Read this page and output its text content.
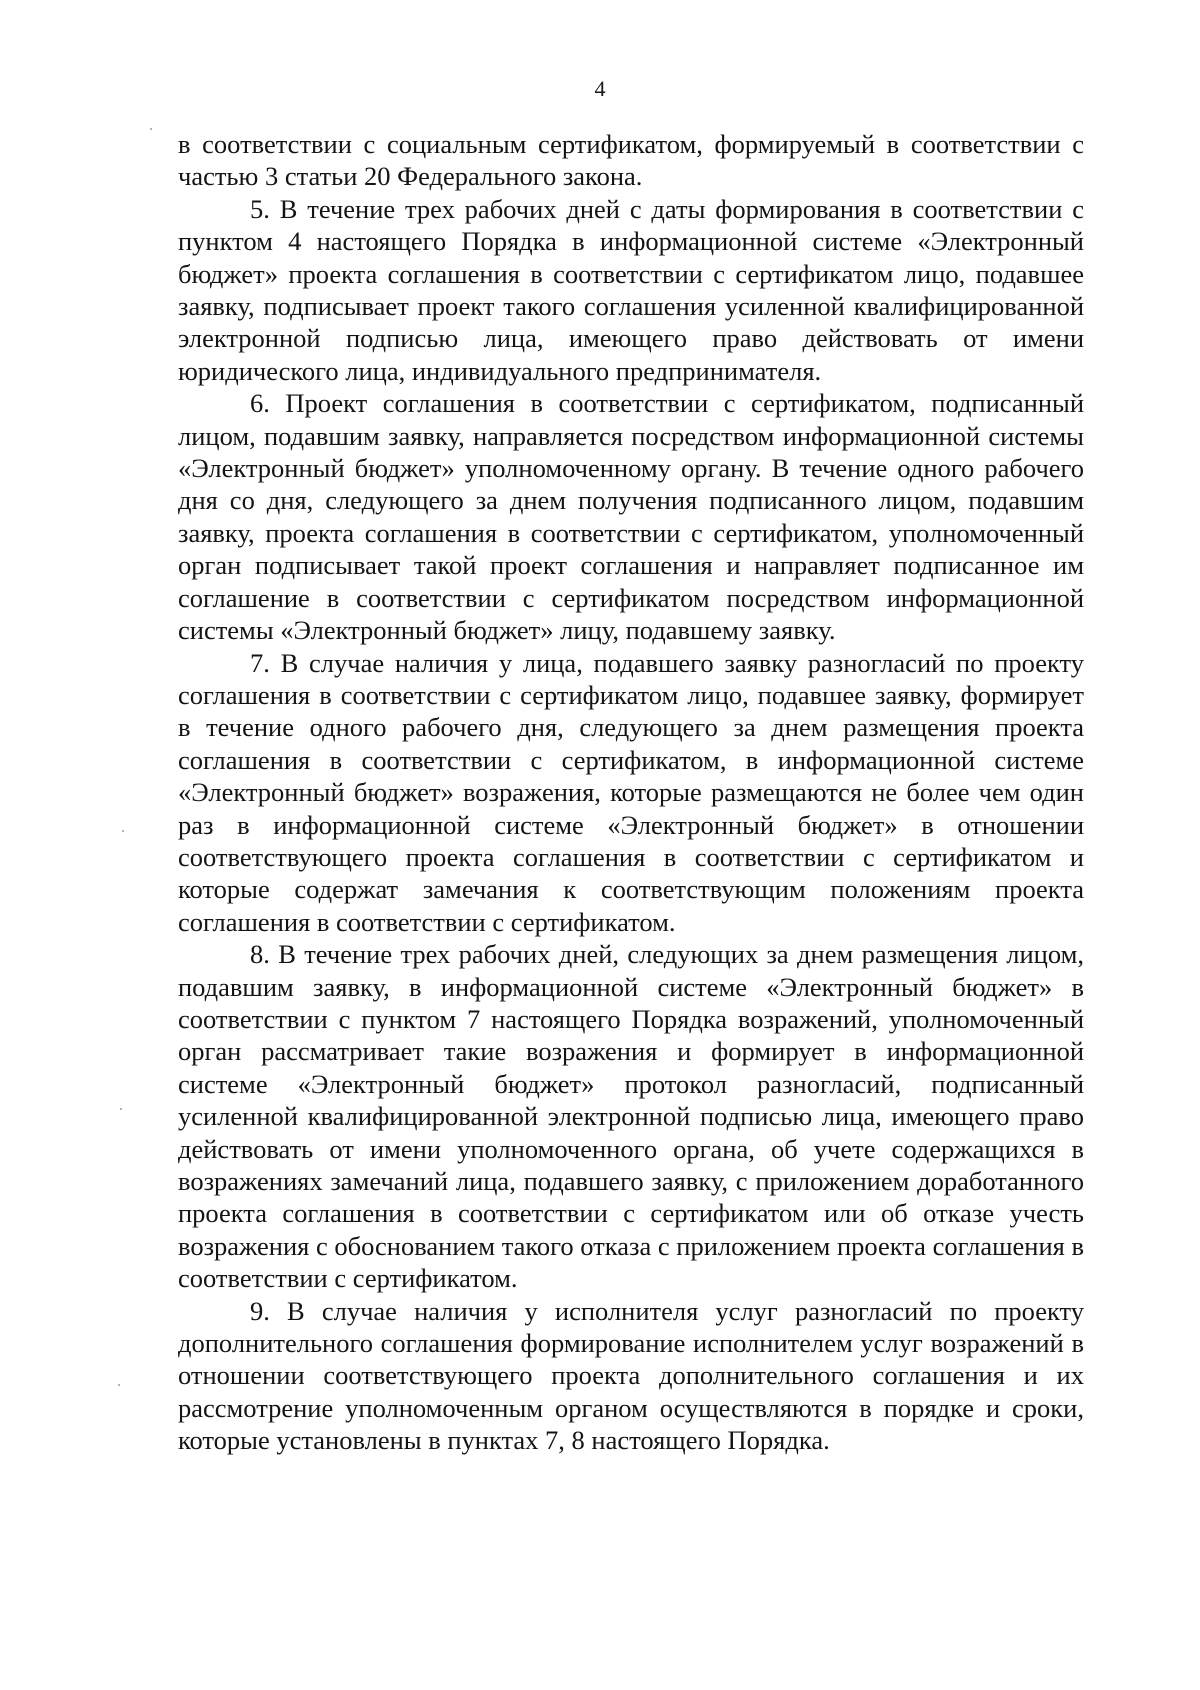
4

в соответствии с социальным сертификатом, формируемый в соответствии с частью 3 статьи 20 Федерального закона.

5. В течение трех рабочих дней с даты формирования в соответствии с пунктом 4 настоящего Порядка в информационной системе «Электронный бюджет» проекта соглашения в соответствии с сертификатом лицо, подавшее заявку, подписывает проект такого соглашения усиленной квалифицированной электронной подписью лица, имеющего право действовать от имени юридического лица, индивидуального предпринимателя.

6. Проект соглашения в соответствии с сертификатом, подписанный лицом, подавшим заявку, направляется посредством информационной системы «Электронный бюджет» уполномоченному органу. В течение одного рабочего дня со дня, следующего за днем получения подписанного лицом, подавшим заявку, проекта соглашения в соответствии с сертификатом, уполномоченный орган подписывает такой проект соглашения и направляет подписанное им соглашение в соответствии с сертификатом посредством информационной системы «Электронный бюджет» лицу, подавшему заявку.

7. В случае наличия у лица, подавшего заявку разногласий по проекту соглашения в соответствии с сертификатом лицо, подавшее заявку, формирует в течение одного рабочего дня, следующего за днем размещения проекта соглашения в соответствии с сертификатом, в информационной системе «Электронный бюджет» возражения, которые размещаются не более чем один раз в информационной системе «Электронный бюджет» в отношении соответствующего проекта соглашения в соответствии с сертификатом и которые содержат замечания к соответствующим положениям проекта соглашения в соответствии с сертификатом.

8. В течение трех рабочих дней, следующих за днем размещения лицом, подавшим заявку, в информационной системе «Электронный бюджет» в соответствии с пунктом 7 настоящего Порядка возражений, уполномоченный орган рассматривает такие возражения и формирует в информационной системе «Электронный бюджет» протокол разногласий, подписанный усиленной квалифицированной электронной подписью лица, имеющего право действовать от имени уполномоченного органа, об учете содержащихся в возражениях замечаний лица, подавшего заявку, с приложением доработанного проекта соглашения в соответствии с сертификатом или об отказе учесть возражения с обоснованием такого отказа с приложением проекта соглашения в соответствии с сертификатом.

9. В случае наличия у исполнителя услуг разногласий по проекту дополнительного соглашения формирование исполнителем услуг возражений в отношении соответствующего проекта дополнительного соглашения и их рассмотрение уполномоченным органом осуществляются в порядке и сроки, которые установлены в пунктах 7, 8 настоящего Порядка.
